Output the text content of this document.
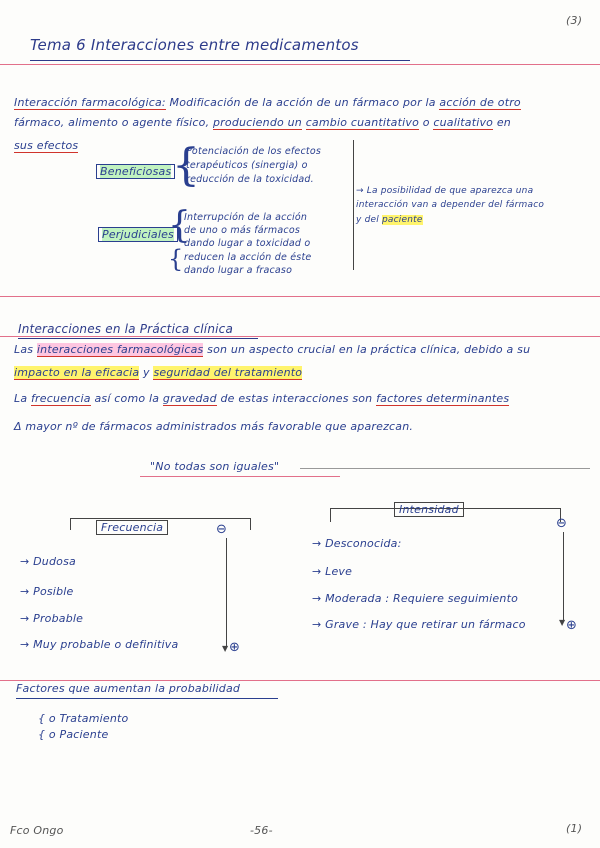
(3)
Tema 6 Interacciones entre medicamentos
Interacción farmacológica: Modificación de la acción de un fármaco por la acción de otro
fármaco, alimento o agente físico, produciendo un cambio cuantitativo o cualitativo en
sus efectos
Beneficiosas {
Potenciación de los efectos
terapéuticos (sinergia) o
reducción de la toxicidad.
Perjudiciales
{
{
Interrupción de la acción
de uno o más fármacos
dando lugar a toxicidad o
reducen la acción de éste
dando lugar a fracaso
→ La posibilidad de que aparezca una
interacción van a depender del fármaco
y del paciente
Interacciones en la Práctica clínica
Las interacciones farmacológicas son un aspecto crucial en la práctica clínica, debido a su
impacto en la eficacia y seguridad del tratamiento
La frecuencia así como la gravedad de estas interacciones son factores determinantes
Δ mayor nº de fármacos administrados más favorable que aparezcan.
"No todas son iguales"
Frecuencia	⊖
▼ ⊕
→ Dudosa
→ Posible
→ Probable
→ Muy probable o definitiva
Intensidad
⊖
▼ ⊕
→ Desconocida:
→ Leve
→ Moderada : Requiere seguimiento
→ Grave : Hay que retirar un fármaco
Factores que aumentan la probabilidad
{ o Tratamiento
{ o Paciente
Fco Ongo	-56-	(1)
